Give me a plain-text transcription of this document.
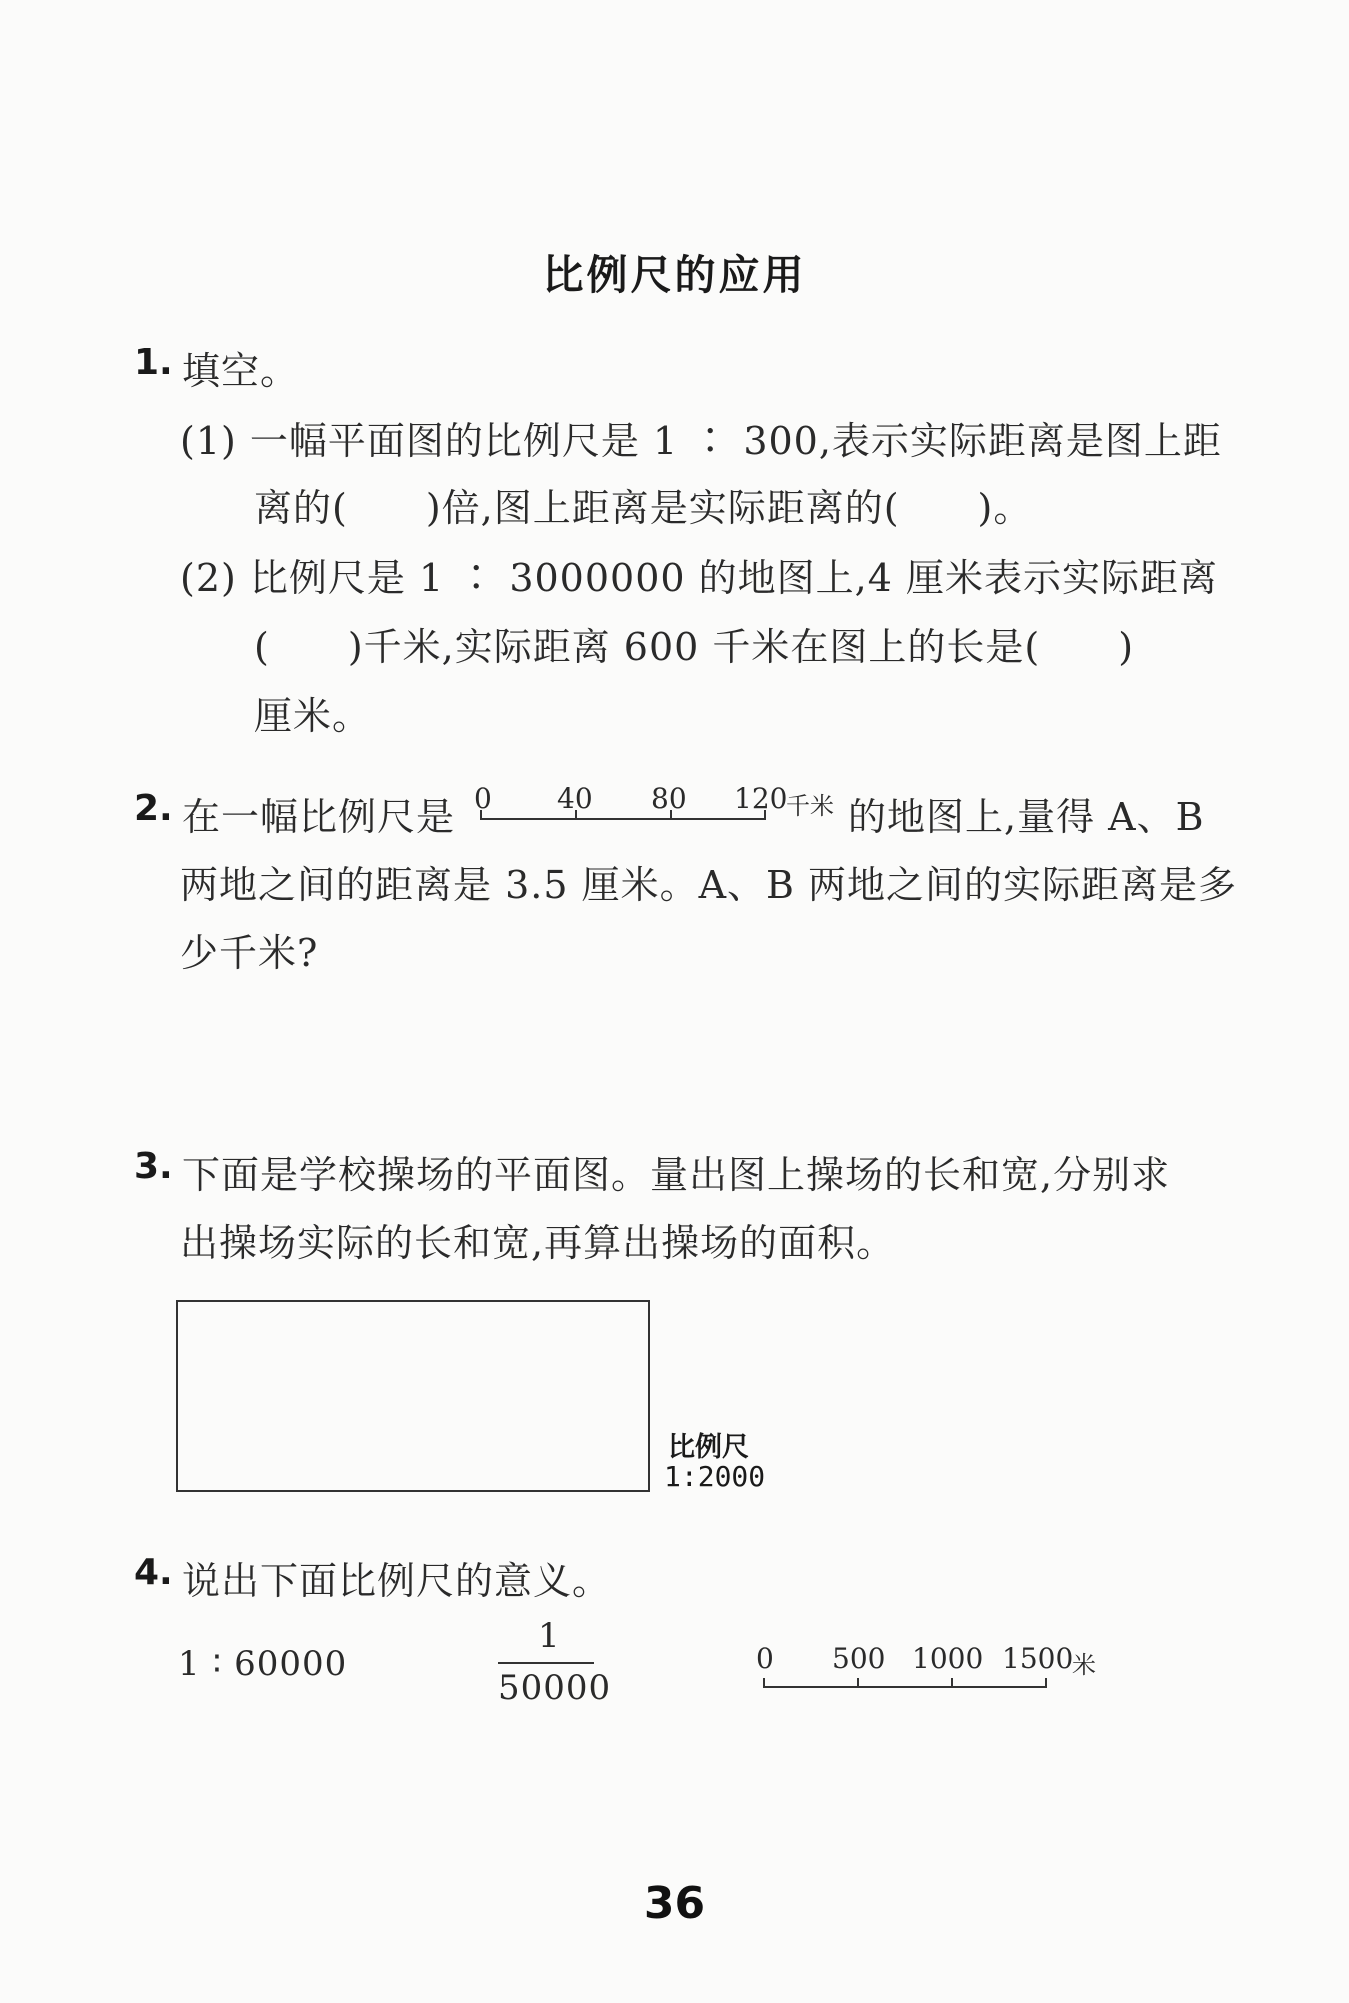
比例尺的应用
1. 填空。
(1) 一幅平面图的比例尺是 1 ∶ 300,表示实际距离是图上距
离的(　　)倍,图上距离是实际距离的(　　)。
(2) 比例尺是 1 ∶ 3000000 的地图上,4 厘米表示实际距离
(　　)千米,实际距离 600 千米在图上的长是(　　)
厘米。
2. 在一幅比例尺是 0 40 80 120
千米 的地图上,量得 A、B
两地之间的距离是 3.5 厘米。A、B 两地之间的实际距离是多
少千米?
3. 下面是学校操场的平面图。量出图上操场的长和宽,分别求
出操场实际的长和宽,再算出操场的面积。
比例尺
1:2000
4. 说出下面比例尺的意义。
1 ∶ 60000
1
50000
0 500 1000 1500
米
36
